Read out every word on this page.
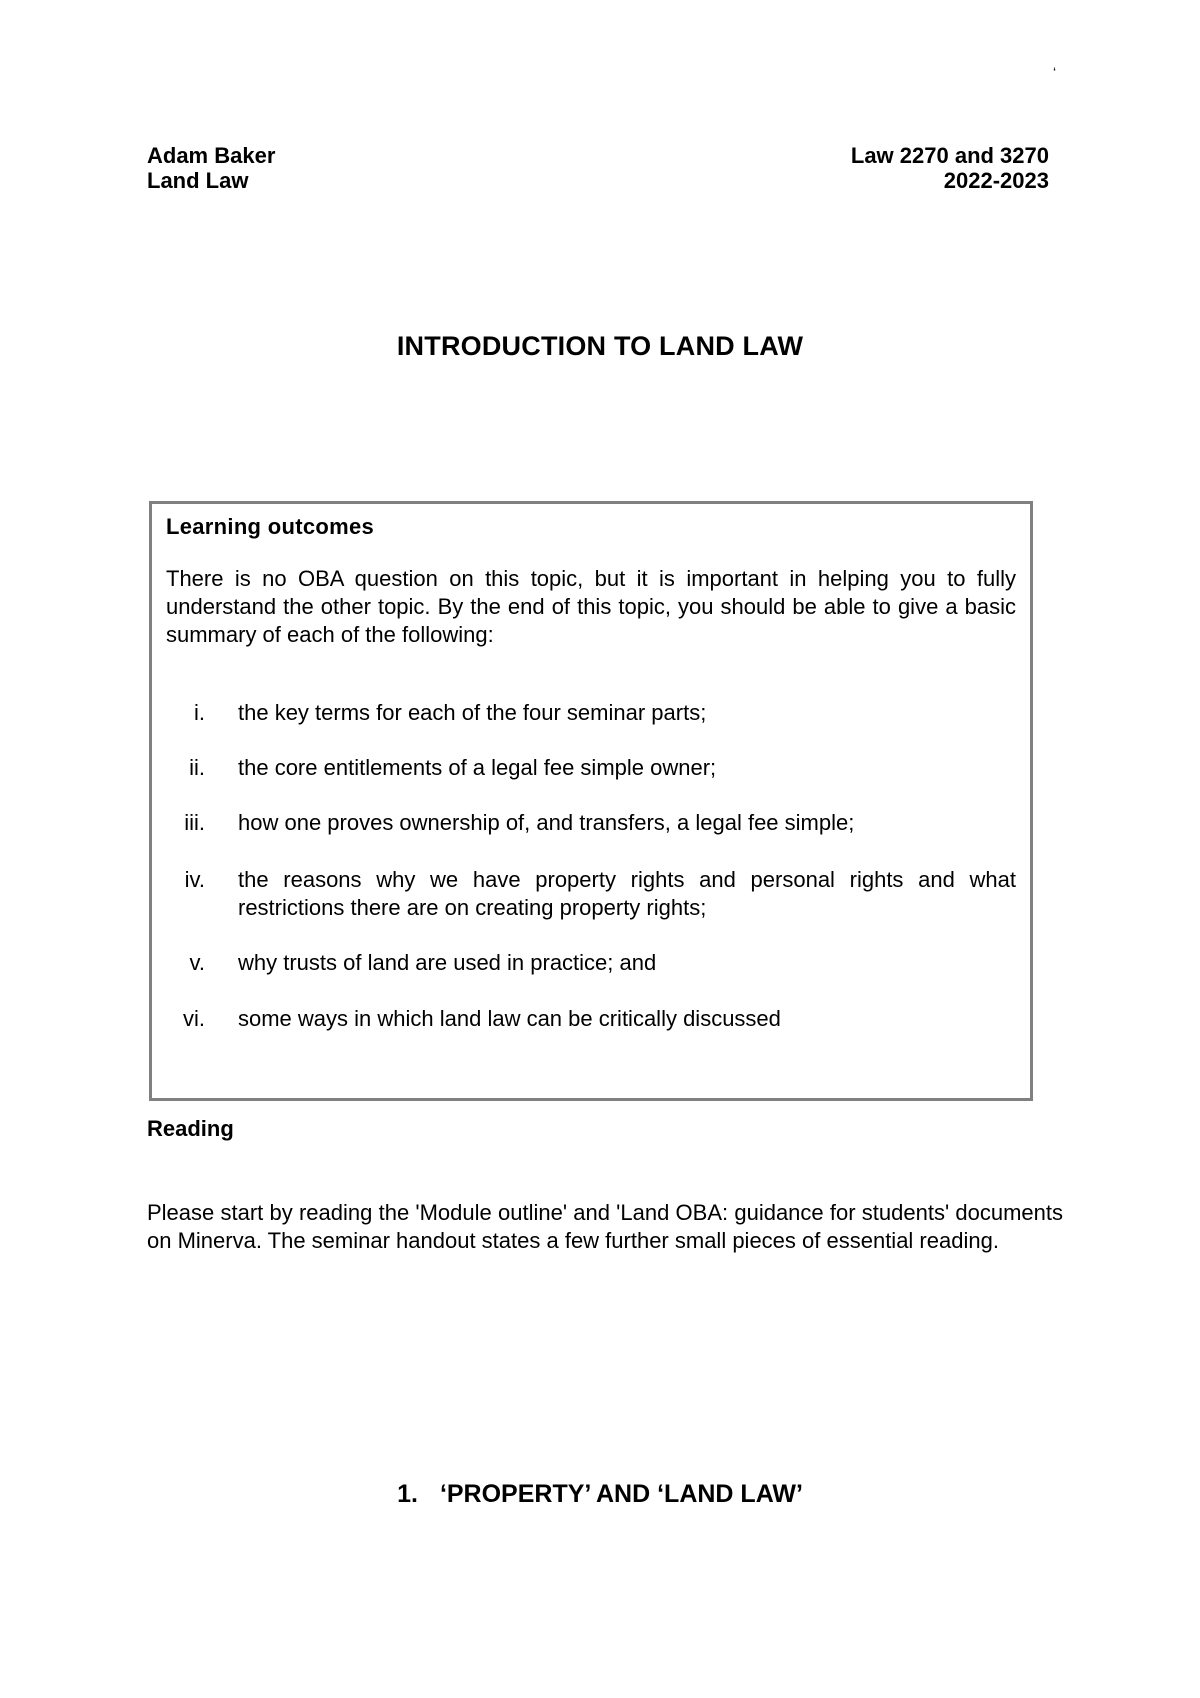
‘
Adam Baker
Land Law
Law 2270 and 3270
2022-2023
INTRODUCTION TO LAND LAW
Learning outcomes
There is no OBA question on this topic, but it is important in helping you to fully understand the other topic. By the end of this topic, you should be able to give a basic summary of each of the following:
i. the key terms for each of the four seminar parts;
ii. the core entitlements of a legal fee simple owner;
iii. how one proves ownership of, and transfers, a legal fee simple;
iv. the reasons why we have property rights and personal rights and what restrictions there are on creating property rights;
v. why trusts of land are used in practice; and
vi. some ways in which land law can be critically discussed
Reading
Please start by reading the 'Module outline' and 'Land OBA: guidance for students' documents on Minerva. The seminar handout states a few further small pieces of essential reading.
1. ‘PROPERTY’ AND ‘LAND LAW’
